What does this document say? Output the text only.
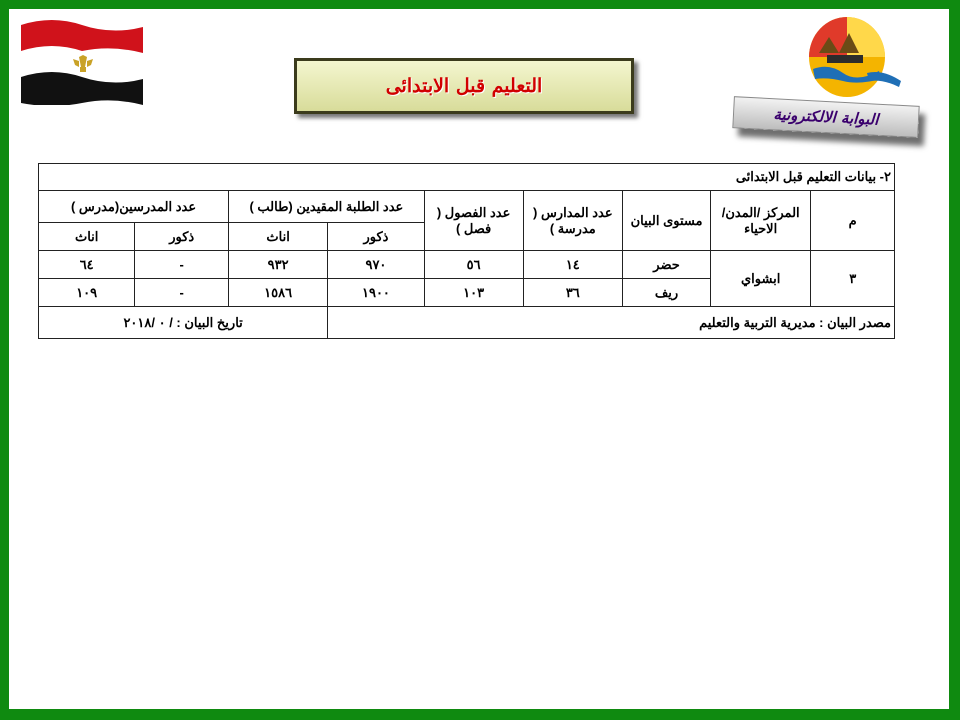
التعليم قبل الابتدائى
البوابة الالكترونية
٢- بيانات التعليم قبل الابتدائى								
م	المركز /المدن/الاحياء	مستوى البيان	عدد المدارس ( مدرسة )	عدد الفصول ( فصل )	عدد الطلبة المقيدين (طالب )		عدد المدرسين(مدرس )	
					ذكور	اناث	ذكور	اناث
٣	ابشواي	حضر	١٤	٥٦	٩٧٠	٩٣٢	-	٦٤
		ريف	٣٦	١٠٣	١٩٠٠	١٥٨٦	-	١٠٩
مصدر البيان : مديرية التربية والتعليم						تاريخ البيان : / ٠ /٢٠١٨		
